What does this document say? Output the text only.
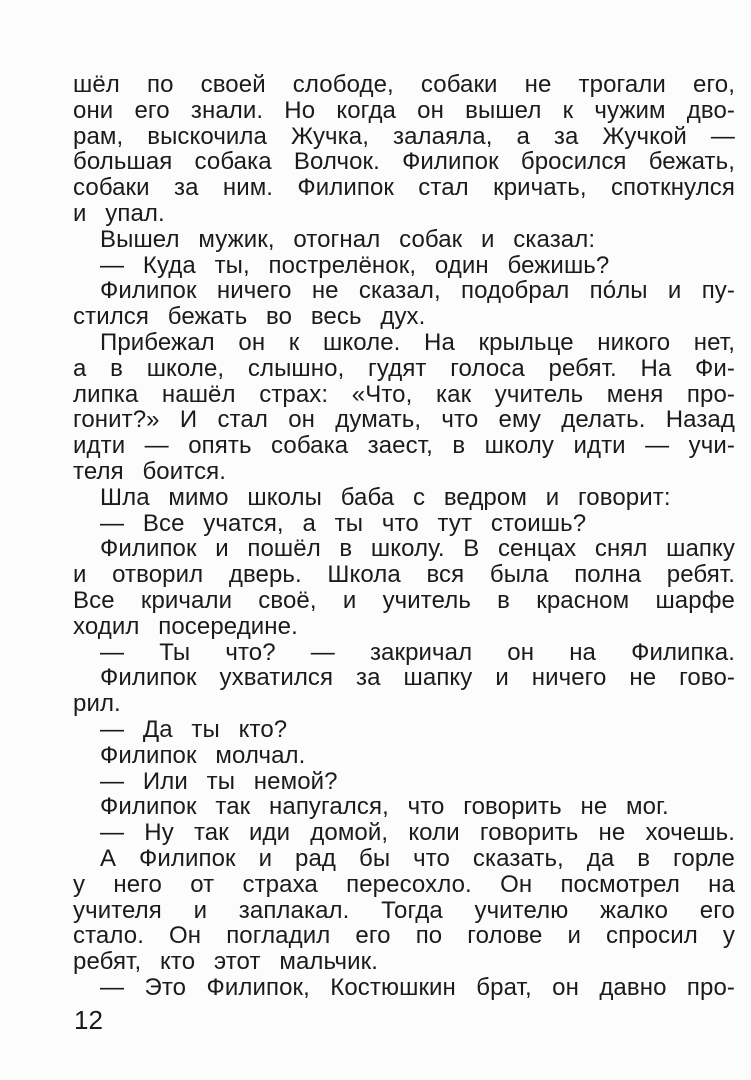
шёл по своей слободе, собаки не трогали его,
они его знали. Но когда он вышел к чужим дво-
рам, выскочила Жучка, залаяла, а за Жучкой —
большая собака Волчок. Филипок бросился бежать,
собаки за ним. Филипок стал кричать, споткнулся
и упал.
Вышел мужик, отогнал собак и сказал:
— Куда ты, пострелёнок, один бежишь?
Филипок ничего не сказал, подобрал по́лы и пу-
стился бежать во весь дух.
Прибежал он к школе. На крыльце никого нет,
а в школе, слышно, гудят голоса ребят. На Фи-
липка нашёл страх: «Что, как учитель меня про-
гонит?» И стал он думать, что ему делать. Назад
идти — опять собака заест, в школу идти — учи-
теля боится.
Шла мимо школы баба с ведром и говорит:
— Все учатся, а ты что тут стоишь?
Филипок и пошёл в школу. В сенцах снял шапку
и отворил дверь. Школа вся была полна ребят.
Все кричали своё, и учитель в красном шарфе
ходил посередине.
— Ты что? — закричал он на Филипка.
Филипок ухватился за шапку и ничего не гово-
рил.
— Да ты кто?
Филипок молчал.
— Или ты немой?
Филипок так напугался, что говорить не мог.
— Ну так иди домой, коли говорить не хочешь.
А Филипок и рад бы что сказать, да в горле
у него от страха пересохло. Он посмотрел на
учителя и заплакал. Тогда учителю жалко его
стало. Он погладил его по голове и спросил у
ребят, кто этот мальчик.
— Это Филипок, Костюшкин брат, он давно про-
12
